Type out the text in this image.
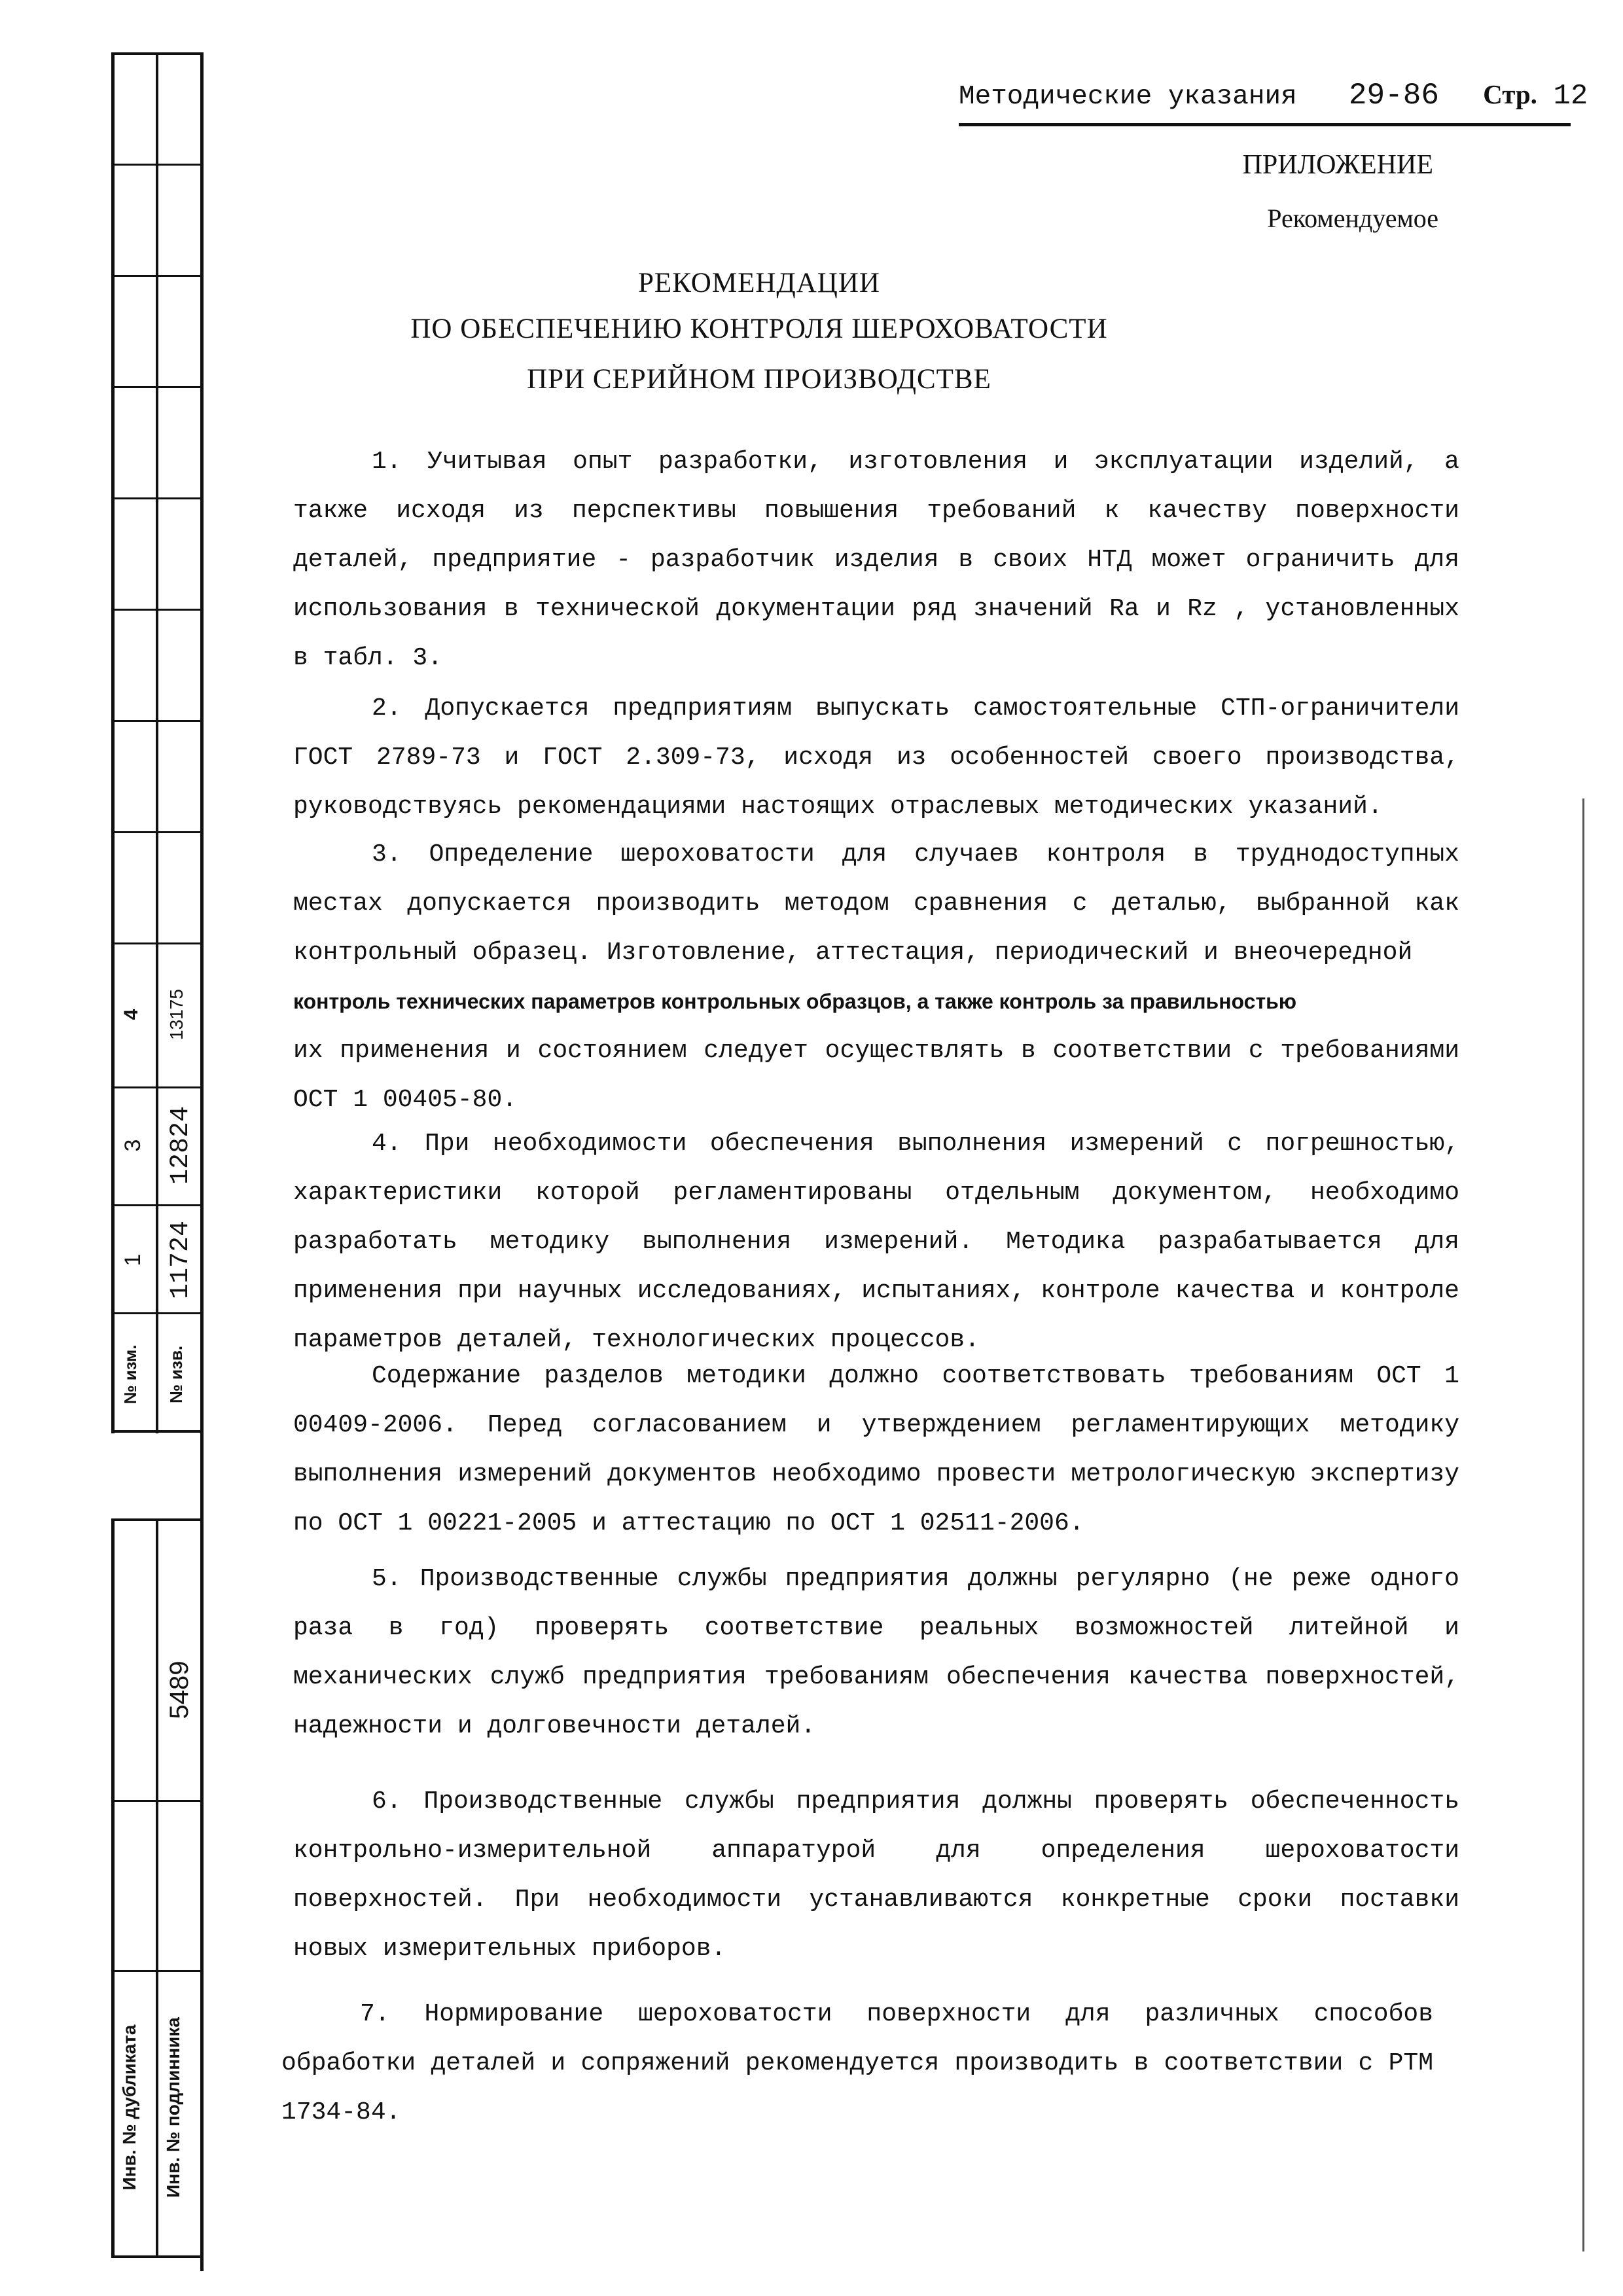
4 13175
3 12824
1 11724
№ изм.	№ изв.
5489
Инв. № дубликата	Инв. № подлинника
Методические указания 29-86 Стр. 12
ПРИЛОЖЕНИЕ
Рекомендуемое
РЕКОМЕНДАЦИИ
ПО ОБЕСПЕЧЕНИЮ КОНТРОЛЯ ШЕРОХОВАТОСТИ
ПРИ СЕРИЙНОМ ПРОИЗВОДСТВЕ
1. Учитывая опыт разработки, изготовления и эксплуатации изделий, а также исходя из перспективы повышения требований к качеству поверхности деталей, предприятие - разработчик изделия в своих НТД может ограничить для использования в технической документации ряд значений Ra и Rz , установленных в табл. 3.
2. Допускается предприятиям выпускать самостоятельные СТП-ограничители ГОСТ 2789-73 и ГОСТ 2.309-73, исходя из особенностей своего производства, руководствуясь рекомендациями настоящих отраслевых методических указаний.
3. Определение шероховатости для случаев контроля в труднодоступных местах допускается производить методом сравнения с деталью, выбранной как контрольный образец. Изготовление, аттестация, периодический и внеочередной
контроль технических параметров контрольных образцов, а также контроль за правильностью
их применения и состоянием следует осуществлять в соответствии с требованиями ОСТ 1 00405-80.
4. При необходимости обеспечения выполнения измерений с погрешностью, характеристики которой регламентированы отдельным документом, необходимо разработать методику выполнения измерений. Методика разрабатывается для применения при научных исследованиях, испытаниях, контроле качества и контроле параметров деталей, технологических процессов.
Содержание разделов методики должно соответствовать требованиям ОСТ 1 00409-2006. Перед согласованием и утверждением регламентирующих методику выполнения измерений документов необходимо провести метрологическую экспертизу по ОСТ 1 00221-2005 и аттестацию по ОСТ 1 02511-2006.
5. Производственные службы предприятия должны регулярно (не реже одного раза в год) проверять соответствие реальных возможностей литейной и механических служб предприятия требованиям обеспечения качества поверхностей, надежности и долговечности деталей.
6. Производственные службы предприятия должны проверять обеспеченность контрольно-измерительной аппаратурой для определения шероховатости поверхностей. При необходимости устанавливаются конкретные сроки поставки новых измерительных приборов.
7. Нормирование шероховатости поверхности для различных способов обработки деталей и сопряжений рекомендуется производить в соответствии с РТМ 1734-84.
